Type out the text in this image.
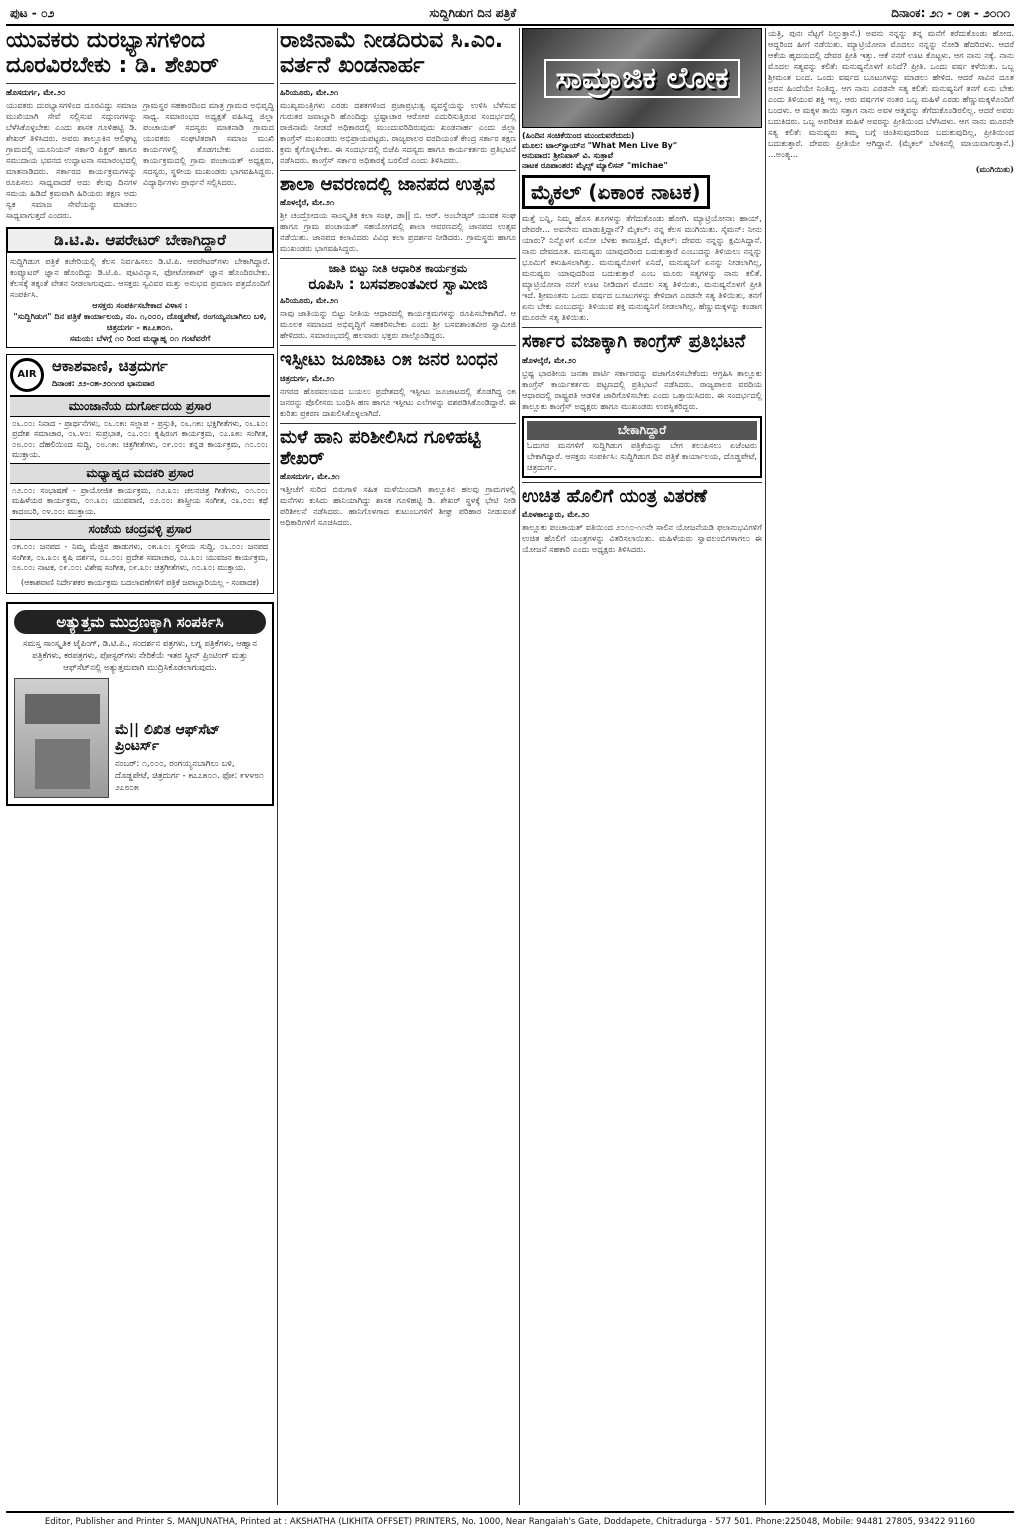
ಪುಟ - ೦೨	ಸುದ್ದಿಗಿಡುಗ ದಿನ ಪತ್ರಿಕೆ	ದಿನಾಂಕ: ೨೧ - ೦೫ - ೨೦೧೧
ಯುವಕರು ದುರಭ್ಯಾಸಗಳಿಂದ ದೂರವಿರಬೇಕು : ಡಿ. ಶೇಖರ್
ಹೊಸದುರ್ಗ, ಮೇ.೨೦
ಯುವಕರು ದುರಭ್ಯಾಸಗಳಿಂದ ದೂರವಿದ್ದು ಸಮಾಜ ಮುಖಿಯಾಗಿ ಸೇವೆ ಸಲ್ಲಿಸುವ ಸದ್ಗುಣಗಳನ್ನು ಬೆಳೆಸಿಕೊಳ್ಳಬೇಕು ಎಂದು ಶಾಸಕ ಗೂಳಿಹಟ್ಟಿ ಡಿ. ಶೇಖರ್ ತಿಳಿಸಿದರು. ಅವರು ತಾಲ್ಲೂಕಿನ ಆಲಿಘಟ್ಟ ಗ್ರಾಮದಲ್ಲಿ ಯೂನಿಯನ್ ಸರ್ಕಾರಿ ಪಿಕ್ಚರ್ ಹಾಗೂ ಸಮುದಾಯ ಭವನದ ಉದ್ಘಾಟನಾ ಸಮಾರಂಭದಲ್ಲಿ ಮಾತನಾಡಿದರು. ಸರ್ಕಾರದ ಕಾರ್ಯಕ್ರಮಗಳನ್ನು ರೂಪಿಸಲು ಸಾಧ್ಯವಾದರೆ ಅದು ಕೆಲವು ದಿನಗಳ ಸಮಯ ಹಿಡಿದೆ ಕ್ರಮವಾಗಿ ಹಿರಿಯರು ತಕ್ಷಣ ಅದು ಸ್ವಕ ಸಮಾಜ ಸೇವೆಯನ್ನು ಮಾಡಲು ಸಾಧ್ಯವಾಗುತ್ತದೆ ಎಂದರು.
ಗ್ರಾಮಸ್ಥರ ಸಹಕಾರದಿಂದ ಮಾತ್ರ ಗ್ರಾಮದ ಅಭಿವೃದ್ಧಿ ಸಾಧ್ಯ. ಸಮಾರಂಭದ ಅಧ್ಯಕ್ಷತೆ ವಹಿಸಿದ್ದ ಜಿಲ್ಲಾ ಪಂಚಾಯತ್ ಸದಸ್ಯರು ಮಾತನಾಡಿ ಗ್ರಾಮದ ಯುವಕರು ಸಂಘಟಿತರಾಗಿ ಸಮಾಜ ಮುಖಿ ಕಾರ್ಯಗಳಲ್ಲಿ ತೊಡಗಬೇಕು ಎಂದರು. ಕಾರ್ಯಕ್ರಮದಲ್ಲಿ ಗ್ರಾಮ ಪಂಚಾಯತ್ ಅಧ್ಯಕ್ಷರು, ಸದಸ್ಯರು, ಸ್ಥಳೀಯ ಮುಖಂಡರು ಭಾಗವಹಿಸಿದ್ದರು. ವಿದ್ಯಾರ್ಥಿಗಳು ಪ್ರಾರ್ಥನೆ ಸಲ್ಲಿಸಿದರು.
ಡಿ.ಟಿ.ಪಿ. ಆಪರೇಟರ್ ಬೇಕಾಗಿದ್ದಾರೆ
ಸುದ್ದಿಗಿಡುಗ ಪತ್ರಿಕೆ ಕಚೇರಿಯಲ್ಲಿ ಕೆಲಸ ನಿರ್ವಹಿಸಲು ಡಿ.ಟಿ.ಪಿ. ಆಪರೇಟರ್‌ಗಳು ಬೇಕಾಗಿದ್ದಾರೆ. ಕಂಪ್ಯೂಟರ್ ಜ್ಞಾನ ಹೊಂದಿದ್ದು ಡಿ.ಟಿ.ಪಿ. ಪುಟವಿನ್ಯಾಸ, ಫೋಟೋಶಾಪ್ ಜ್ಞಾನ ಹೊಂದಿರಬೇಕು. ಕೆಲಸಕ್ಕೆ ತಕ್ಕಂತೆ ವೇತನ ನೀಡಲಾಗುವುದು. ಆಸಕ್ತರು ಸ್ವವಿವರ ಮತ್ತು ಅನುಭವ ಪ್ರಮಾಣ ಪತ್ರದೊಂದಿಗೆ ಸಂಪರ್ಕಿಸಿ.
ಆಸಕ್ತರು ಸಂಪರ್ಕಿಸಬೇಕಾದ ವಿಳಾಸ :
"ಸುದ್ದಿಗಿಡುಗ" ದಿನ ಪತ್ರಿಕೆ ಕಾರ್ಯಾಲಯ, ನಂ. ೧,೦೦೦, ದೊಡ್ಡಪೇಟೆ, ರಂಗಯ್ಯನಬಾಗಿಲು ಬಳಿ, ಚಿತ್ರದುರ್ಗ - ೫೭೭೫೦೧.
ಸಮಯ: ಬೆಳಗ್ಗೆ ೧೦ ರಿಂದ ಮಧ್ಯಾಹ್ನ ೦೧ ಗಂಟೆವರೆಗೆ
AIR	ಆಕಾಶವಾಣಿ, ಚಿತ್ರದುರ್ಗ
ದಿನಾಂಕ: ೨೨-೦೫-೨೦೧೧ರ ಭಾನುವಾರ
ಮುಂಜಾನೆಯ ದುರ್ಗೋದಯ ಪ್ರಸಾರ
೦೬.೦೦: ನಿನಾದ - ಪ್ರಾರ್ಥನೆಗಳು, ೦೬.೦೫: ಸಲ್ಲಾಪ - ಪ್ರಸ್ತುತಿ, ೦೬.೧೫: ಭಕ್ತಿಗೀತೆಗಳು, ೦೬.೩೦: ಪ್ರದೇಶ ಸಮಾಚಾರ, ೦೬.೪೦: ಸುಪ್ರಭಾತ, ೦೭.೦೦: ಕೃಷಿರಂಗ ಕಾರ್ಯಕ್ರಮ, ೦೭.೩೫: ಸಂಗೀತ, ೦೮.೦೦: ದೆಹಲಿಯಿಂದ ಸುದ್ದಿ, ೦೮.೧೫: ಚಿತ್ರಗೀತೆಗಳು, ೦೯.೦೦: ಕನ್ನಡ ಕಾರ್ಯಕ್ರಮ, ೧೦.೦೦: ಮುಕ್ತಾಯ.
ಮಧ್ಯಾಹ್ನದ ಮದಕರಿ ಪ್ರಸಾರ
೧೨.೦೦: ಸಂಭಾಷಣೆ - ಪ್ರಾಯೋಜಿತ ಕಾರ್ಯಕ್ರಮ, ೧೨.೩೦: ಚಲನಚಿತ್ರ ಗೀತೆಗಳು, ೦೧.೦೦: ಮಹಿಳೆಯರ ಕಾರ್ಯಕ್ರಮ, ೦೧.೩೦: ಯುವವಾಣಿ, ೦೨.೦೦: ಶಾಸ್ತ್ರೀಯ ಸಂಗೀತ, ೦೩.೦೦: ಕಥೆ ಕಾದಂಬರಿ, ೦೪.೦೦: ಮುಕ್ತಾಯ.
ಸಂಜೆಯ ಚಂದ್ರವಳ್ಳಿ ಪ್ರಸಾರ
೦೫.೦೦: ಜನಪದ - ನಿಮ್ಮ ಮೆಚ್ಚಿನ ಹಾಡುಗಳು, ೦೫.೩೦: ಸ್ಥಳೀಯ ಸುದ್ದಿ, ೦೬.೦೦: ಜನಪದ ಸಂಗೀತ, ೦೬.೩೦: ಕೃಷಿ ದರ್ಶನ, ೦೭.೦೦: ಪ್ರದೇಶ ಸಮಾಚಾರ, ೦೭.೩೦: ಯುವಜನ ಕಾರ್ಯಕ್ರಮ, ೦೮.೦೦: ನಾಟಕ, ೦೯.೦೦: ವಿಶೇಷ ಸಂಗೀತ, ೦೯.೩೦: ಚಿತ್ರಗೀತೆಗಳು, ೧೦.೩೦: ಮುಕ್ತಾಯ.
(ಆಕಾಶವಾಣಿ ನಿರ್ದೇಶಕರ ಕಾರ್ಯಕ್ರಮ ಬದಲಾವಣೆಗಳಿಗೆ ಪತ್ರಿಕೆ ಜವಾಬ್ದಾರಿಯಲ್ಲ - ಸಂಪಾದಕ)
ಅತ್ಯುತ್ತಮ ಮುದ್ರಣಕ್ಕಾಗಿ ಸಂಪರ್ಕಿಸಿ
ಸಮಸ್ತ ಸಾಂಸ್ಕೃತಿಕ ಟೈಪಿಂಗ್, ಡಿ.ಟಿ.ಪಿ., ಸಂದರ್ಶನ ಪತ್ರಗಳು, ಲಗ್ನ ಪತ್ರಿಕೆಗಳು, ಆಹ್ವಾನ ಪತ್ರಿಕೆಗಳು, ಕರಪತ್ರಗಳು, ಪೋಸ್ಟರ್‌ಗಳು ನೇರಿಕೆಯೆ ಇತರ ಸ್ಕ್ರೀನ್ ಪ್ರಿಂಟಿಂಗ್ ಮತ್ತು ಆಫ್‌ಸೆಟ್‌ನಲ್ಲಿ ಅತ್ಯುತ್ತಮವಾಗಿ ಮುದ್ರಿಸಿಕೊಡಲಾಗುವುದು.
ಮೆ|| ಲಿಖಿತ ಆಫ್‌ಸೆಟ್ ಪ್ರಿಂಟರ್ಸ್
ನಂಬರ್: ೧,೦೦೦, ರಂಗಯ್ಯನಬಾಗಿಲು ಬಳಿ, ದೊಡ್ಡಪೇಟೆ, ಚಿತ್ರದುರ್ಗ - ೫೭೭೫೦೧. ಫೋ: ೯೪೪೮೧ ೨೭೮೦೫
ರಾಜಿನಾಮೆ ನೀಡದಿರುವ ಸಿ.ಎಂ. ವರ್ತನೆ ಖಂಡನಾರ್ಹ
ಹಿರಿಯೂರು, ಮೇ.೨೧
ಮುಖ್ಯಮಂತ್ರಿಗಳು ಎರಡು ದಶಕಗಳಿಂದ ಪ್ರಜಾಪ್ರಭುತ್ವ ವ್ಯವಸ್ಥೆಯನ್ನು ಉಳಿಸಿ ಬೆಳೆಸುವ ಗುರುತರ ಜವಾಬ್ದಾರಿ ಹೊಂದಿದ್ದು ಭ್ರಷ್ಟಾಚಾರ ಆರೋಪ ಎದುರಿಸುತ್ತಿರುವ ಸಂದರ್ಭದಲ್ಲಿ ರಾಜಿನಾಮೆ ನೀಡದೆ ಅಧಿಕಾರದಲ್ಲಿ ಮುಂದುವರಿದಿರುವುದು ಖಂಡನಾರ್ಹ ಎಂದು ಜಿಲ್ಲಾ ಕಾಂಗ್ರೆಸ್ ಮುಖಂಡರು ಅಭಿಪ್ರಾಯಪಟ್ಟರು. ರಾಜ್ಯಪಾಲರ ವರದಿಯಂತೆ ಕೇಂದ್ರ ಸರ್ಕಾರ ತಕ್ಷಣ ಕ್ರಮ ಕೈಗೊಳ್ಳಬೇಕು. ಈ ಸಂದರ್ಭದಲ್ಲಿ ಬಿಜೆಪಿ ಸದಸ್ಯರು ಹಾಗೂ ಕಾರ್ಯಕರ್ತರು ಪ್ರತಿಭಟನೆ ನಡೆಸಿದರು. ಕಾಂಗ್ರೆಸ್ ಸರ್ಕಾರ ಅಧಿಕಾರಕ್ಕೆ ಬರಲಿದೆ ಎಂದು ತಿಳಿಸಿದರು.
ಶಾಲಾ ಆವರಣದಲ್ಲಿ ಜಾನಪದ ಉತ್ಸವ
ಹೊಳಲ್ಕೆರೆ, ಮೇ.೨೧
ಶ್ರೀ ಚಂದ್ರೋದಯ ಸಾಂಸ್ಕೃತಿಕ ಕಲಾ ಸಂಘ, ಡಾ|| ಬಿ. ಆರ್. ಅಂಬೇಡ್ಕರ್ ಯುವಕ ಸಂಘ ಹಾಗೂ ಗ್ರಾಮ ಪಂಚಾಯತ್ ಸಹಯೋಗದಲ್ಲಿ ಶಾಲಾ ಆವರಣದಲ್ಲಿ ಜಾನಪದ ಉತ್ಸವ ನಡೆಯಿತು. ಜಾನಪದ ಕಲಾವಿದರು ವಿವಿಧ ಕಲಾ ಪ್ರದರ್ಶನ ನೀಡಿದರು. ಗ್ರಾಮಸ್ಥರು ಹಾಗೂ ಮುಖಂಡರು ಭಾಗವಹಿಸಿದ್ದರು.
ಜಾತಿ ಬಿಟ್ಟು ನೀತಿ ಆಧಾರಿತ ಕಾರ್ಯಕ್ರಮ
ರೂಪಿಸಿ : ಬಸವಶಾಂತವೀರ ಸ್ವಾಮೀಜಿ
ಹಿರಿಯೂರು, ಮೇ.೨೧
ನಾವು ಜಾತಿಯನ್ನು ಬಿಟ್ಟು ನೀತಿಯ ಆಧಾರದಲ್ಲಿ ಕಾರ್ಯಕ್ರಮಗಳನ್ನು ರೂಪಿಸಬೇಕಾಗಿದೆ. ಆ ಮೂಲಕ ಸಮಾಜದ ಅಭಿವೃದ್ಧಿಗೆ ಸಹಕರಿಸಬೇಕು ಎಂದು ಶ್ರೀ ಬಸವಶಾಂತವೀರ ಸ್ವಾಮೀಜಿ ಹೇಳಿದರು. ಸಮಾರಂಭದಲ್ಲಿ ಹಲವಾರು ಭಕ್ತರು ಪಾಲ್ಗೊಂಡಿದ್ದರು.
ಇಸ್ಪೀಟು ಜೂಜಾಟ ೦೫ ಜನರ ಬಂಧನ
ಚಿತ್ರದುರ್ಗ, ಮೇ.೨೧
ನಗರದ ಹೊರವಲಯದ ಬಯಲು ಪ್ರದೇಶದಲ್ಲಿ ಇಸ್ಪೀಟು ಜೂಜಾಟದಲ್ಲಿ ತೊಡಗಿದ್ದ ೦೫ ಜನರನ್ನು ಪೊಲೀಸರು ಬಂಧಿಸಿ ಹಣ ಹಾಗೂ ಇಸ್ಪೀಟು ಎಲೆಗಳನ್ನು ವಶಪಡಿಸಿಕೊಂಡಿದ್ದಾರೆ. ಈ ಕುರಿತು ಪ್ರಕರಣ ದಾಖಲಿಸಿಕೊಳ್ಳಲಾಗಿದೆ.
ಮಳೆ ಹಾನಿ ಪರಿಶೀಲಿಸಿದ ಗೂಳಿಹಟ್ಟಿ ಶೇಖರ್
ಹೊಸದುರ್ಗ, ಮೇ.೨೧
ಇತ್ತೀಚೆಗೆ ಸುರಿದ ಬಿರುಗಾಳಿ ಸಹಿತ ಮಳೆಯಿಂದಾಗಿ ತಾಲ್ಲೂಕಿನ ಹಲವು ಗ್ರಾಮಗಳಲ್ಲಿ ಮನೆಗಳು ಕುಸಿದು ಹಾನಿಯಾಗಿದ್ದು ಶಾಸಕ ಗೂಳಿಹಟ್ಟಿ ಡಿ. ಶೇಖರ್ ಸ್ಥಳಕ್ಕೆ ಭೇಟಿ ನೀಡಿ ಪರಿಶೀಲನೆ ನಡೆಸಿದರು. ಹಾನಿಗೊಳಗಾದ ಕುಟುಂಬಗಳಿಗೆ ಶೀಘ್ರ ಪರಿಹಾರ ನೀಡುವಂತೆ ಅಧಿಕಾರಿಗಳಿಗೆ ಸೂಚಿಸಿದರು.
ಸಾಮ್ರಾಜಿಕ ಲೋಕ
(ಹಿಂದಿನ ಸಂಚಿಕೆಯಿಂದ ಮುಂದುವರೆದುದು)
ಮೂಲ: ಟಾಲ್‌ಸ್ಟಾಯ್‌ನ "What Men Live By"
ಅನುವಾದ: ಶ್ರೀನಿವಾಸ್ ವಿ. ಸುತ್ರಾವೆ
ನಾಟಕ ರೂಪಾಂತರ: ಮೈಲ್ಸ್ ಮ್ಯಾಲಿಸನ್ "michae"
ಮೈಕಲ್ (ಏಕಾಂಕ ನಾಟಕ)
ಮತ್ತೆ ಬನ್ನಿ, ನಿಮ್ಮ ಹೊಸ ಶೂಗಳನ್ನು ತೆಗೆದುಕೊಂಡು ಹೋಗಿ. ಮ್ಯಾಟ್ರಿಯೋನಾ: ಹಾಯ್, ದೇವರೇ... ಅವನೇನು ಮಾಡುತ್ತಿದ್ದಾನೆ? ಮೈಕಲ್: ನನ್ನ ಕೆಲಸ ಮುಗಿಯಿತು. ಸೈಮನ್: ನೀನು ಯಾರು? ನಿನ್ನೊಳಗೆ ಏನೋ ಬೆಳಕು ಕಾಣುತ್ತಿದೆ. ಮೈಕಲ್: ದೇವರು ನನ್ನನ್ನು ಕ್ಷಮಿಸಿದ್ದಾನೆ. ನಾನು ದೇವದೂತ. ಮನುಷ್ಯರು ಯಾವುದರಿಂದ ಬದುಕುತ್ತಾರೆ ಎಂಬುದನ್ನು ತಿಳಿಯಲು ನನ್ನನ್ನು ಭೂಮಿಗೆ ಕಳುಹಿಸಲಾಗಿತ್ತು. ಮನುಷ್ಯನೊಳಗೆ ಏನಿದೆ, ಮನುಷ್ಯನಿಗೆ ಏನನ್ನು ನೀಡಲಾಗಿಲ್ಲ, ಮನುಷ್ಯರು ಯಾವುದರಿಂದ ಬದುಕುತ್ತಾರೆ ಎಂಬ ಮೂರು ಸತ್ಯಗಳನ್ನು ನಾನು ಕಲಿತೆ. ಮ್ಯಾಟ್ರಿಯೋನಾ ನನಗೆ ಊಟ ನೀಡಿದಾಗ ಮೊದಲ ಸತ್ಯ ತಿಳಿಯಿತು, ಮನುಷ್ಯನೊಳಗೆ ಪ್ರೀತಿ ಇದೆ. ಶ್ರೀಮಂತನು ಒಂದು ವರ್ಷದ ಬೂಟುಗಳನ್ನು ಕೇಳಿದಾಗ ಎರಡನೇ ಸತ್ಯ ತಿಳಿಯಿತು, ತನಗೆ ಏನು ಬೇಕು ಎಂಬುದನ್ನು ತಿಳಿಯುವ ಶಕ್ತಿ ಮನುಷ್ಯನಿಗೆ ನೀಡಲಾಗಿಲ್ಲ. ಹೆಣ್ಣುಮಕ್ಕಳನ್ನು ಕಂಡಾಗ ಮೂರನೇ ಸತ್ಯ ತಿಳಿಯಿತು.
ಸರ್ಕಾರ ವಜಾಕ್ಕಾಗಿ ಕಾಂಗ್ರೆಸ್ ಪ್ರತಿಭಟನೆ
ಹೊಳಲ್ಕೆರೆ, ಮೇ.೨೦
ಭ್ರಷ್ಟ ಭಾರತೀಯ ಜನತಾ ಪಾರ್ಟಿ ಸರ್ಕಾರವನ್ನು ವಜಾಗೊಳಿಸಬೇಕೆಂದು ಆಗ್ರಹಿಸಿ ತಾಲ್ಲೂಕು ಕಾಂಗ್ರೆಸ್ ಕಾರ್ಯಕರ್ತರು ಪಟ್ಟಣದಲ್ಲಿ ಪ್ರತಿಭಟನೆ ನಡೆಸಿದರು. ರಾಜ್ಯಪಾಲರ ವರದಿಯ ಆಧಾರದಲ್ಲಿ ರಾಷ್ಟ್ರಪತಿ ಆಡಳಿತ ಜಾರಿಗೊಳಿಸಬೇಕು ಎಂದು ಒತ್ತಾಯಿಸಿದರು. ಈ ಸಂದರ್ಭದಲ್ಲಿ ತಾಲ್ಲೂಕು ಕಾಂಗ್ರೆಸ್ ಅಧ್ಯಕ್ಷರು ಹಾಗೂ ಮುಖಂಡರು ಉಪಸ್ಥಿತರಿದ್ದರು.
ಬೇಕಾಗಿದ್ದಾರೆ
ಓದುಗರ ಮನಗಳಿಗೆ ಸುದ್ದಿಗಿಡುಗ ಪತ್ರಿಕೆಯನ್ನು ಬೇಗ ತಲುಪಿಸಲು ಏಜೆಂಟರು ಬೇಕಾಗಿದ್ದಾರೆ. ಆಸಕ್ತರು ಸಂಪರ್ಕಿಸಿ: ಸುದ್ದಿಗಿಡುಗ ದಿನ ಪತ್ರಿಕೆ ಕಾರ್ಯಾಲಯ, ದೊಡ್ಡಪೇಟೆ, ಚಿತ್ರದುರ್ಗ.
ಉಚಿತ ಹೊಲಿಗೆ ಯಂತ್ರ ವಿತರಣೆ
ಮೊಳಕಾಲ್ಮೂರು, ಮೇ.೨೦
ತಾಲ್ಲೂಕು ಪಂಚಾಯತ್ ವತಿಯಿಂದ ೨೦೧೦-೧೧ನೇ ಸಾಲಿನ ಯೋಜನೆಯಡಿ ಫಲಾನುಭವಿಗಳಿಗೆ ಉಚಿತ ಹೊಲಿಗೆ ಯಂತ್ರಗಳನ್ನು ವಿತರಿಸಲಾಯಿತು. ಮಹಿಳೆಯರು ಸ್ವಾವಲಂಬಿಗಳಾಗಲು ಈ ಯೋಜನೆ ಸಹಕಾರಿ ಎಂದು ಅಧ್ಯಕ್ಷರು ತಿಳಿಸಿದರು.
ಯತ್ರಿ, ಪುನಃ ನೆಟ್ಟಗೆ ನಿಲ್ಲುತ್ತಾನೆ.) ಅವನು ನನ್ನನ್ನು ತನ್ನ ಮನೆಗೆ ಕರೆದುಕೊಂಡು ಹೋದ. ಆದ್ದರಿಂದ ಹೀಗೆ ನಡೆಯಿತು. ಮ್ಯಾಟ್ರಿಯೋನಾ ಮೊದಲು ನನ್ನನ್ನು ನೋಡಿ ಹೆದರಿದಳು. ಆದರೆ ಆಕೆಯ ಹೃದಯದಲ್ಲಿ ದೇವರ ಪ್ರೀತಿ ಇತ್ತು. ಆಕೆ ನನಗೆ ಊಟ ಕೊಟ್ಟಳು. ಆಗ ನಾನು ನಕ್ಕೆ. ನಾನು ಮೊದಲ ಸತ್ಯವನ್ನು ಕಲಿತೆ: ಮನುಷ್ಯನೊಳಗೆ ಏನಿದೆ? ಪ್ರೀತಿ. ಒಂದು ವರ್ಷ ಕಳೆಯಿತು. ಒಬ್ಬ ಶ್ರೀಮಂತ ಬಂದ. ಒಂದು ವರ್ಷದ ಬೂಟುಗಳನ್ನು ಮಾಡಲು ಹೇಳಿದ. ಆದರೆ ಸಾವಿನ ದೂತ ಅವನ ಹಿಂದೆಯೇ ನಿಂತಿದ್ದ. ಆಗ ನಾನು ಎರಡನೇ ಸತ್ಯ ಕಲಿತೆ: ಮನುಷ್ಯನಿಗೆ ತನಗೆ ಏನು ಬೇಕು ಎಂದು ತಿಳಿಯುವ ಶಕ್ತಿ ಇಲ್ಲ. ಆರು ವರ್ಷಗಳ ನಂತರ ಒಬ್ಬ ಮಹಿಳೆ ಎರಡು ಹೆಣ್ಣುಮಕ್ಕಳೊಂದಿಗೆ ಬಂದಳು. ಆ ಮಕ್ಕಳ ತಾಯಿ ಸತ್ತಾಗ ನಾನು ಅವಳ ಆತ್ಮವನ್ನು ತೆಗೆದುಕೊಂಡಿರಲಿಲ್ಲ. ಆದರೆ ಅವರು ಬದುಕಿದರು. ಒಬ್ಬ ಅಪರಿಚಿತ ಮಹಿಳೆ ಅವರನ್ನು ಪ್ರೀತಿಯಿಂದ ಬೆಳೆಸಿದಳು. ಆಗ ನಾನು ಮೂರನೇ ಸತ್ಯ ಕಲಿತೆ: ಮನುಷ್ಯರು ತಮ್ಮ ಬಗ್ಗೆ ಚಿಂತಿಸುವುದರಿಂದ ಬದುಕುವುದಿಲ್ಲ, ಪ್ರೀತಿಯಿಂದ ಬದುಕುತ್ತಾರೆ. ದೇವರು ಪ್ರೀತಿಯೇ ಆಗಿದ್ದಾನೆ. (ಮೈಕಲ್ ಬೆಳಕಿನಲ್ಲಿ ಮಾಯವಾಗುತ್ತಾನೆ.) ...ಅಂತ್ಯ...
(ಮುಗಿಯಿತು)
Editor, Publisher and Printer S. MANJUNATHA, Printed at : AKSHATHA (LIKHITA OFFSET) PRINTERS, No. 1000, Near Rangaiah's Gate, Doddapete, Chitradurga - 577 501. Phone:225048, Mobile: 94481 27805, 93422 91160
